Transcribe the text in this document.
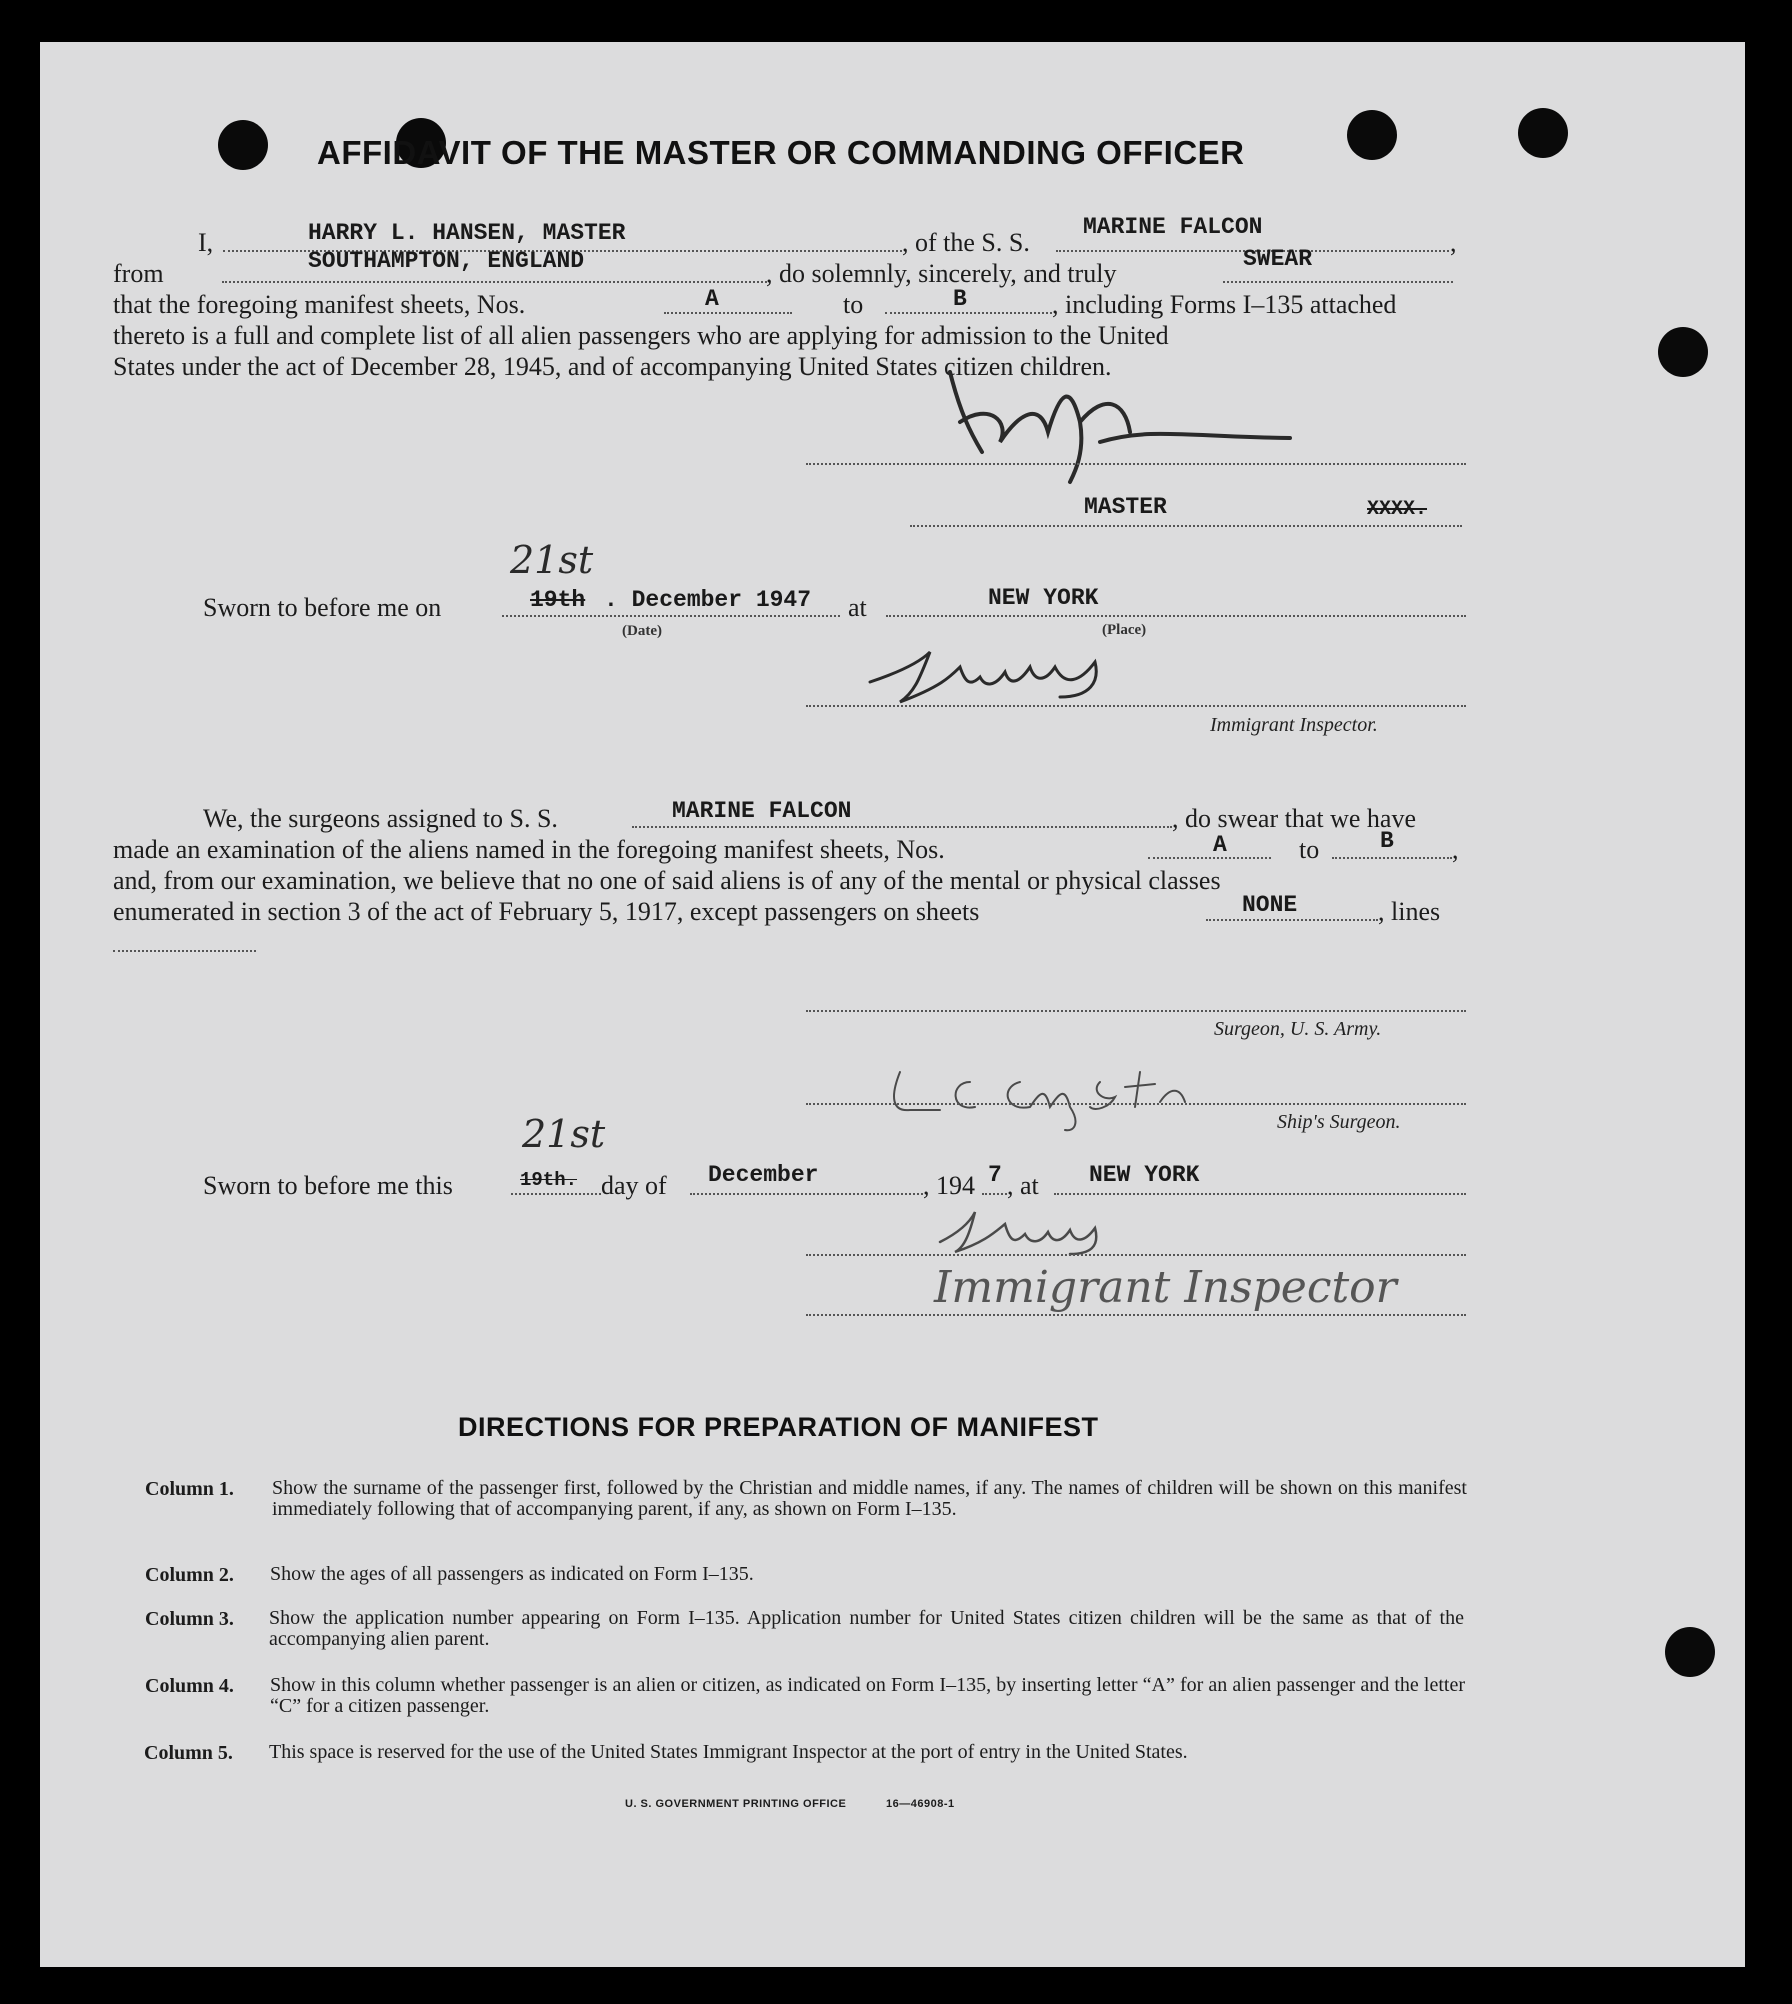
AFFIDAVIT OF THE MASTER OR COMMANDING OFFICER
I,	HARRY L. HANSEN, MASTER	, of the S. S.
MARINE FALCON
,
from	SOUTHAMPTON, ENGLAND	, do solemnly, sincerely, and truly	SWEAR
that the foregoing manifest sheets, Nos.	A	to	B	, including Forms I–135 attached
thereto is a full and complete list of all alien passengers who are applying for admission to the United
States under the act of December 28, 1945, and of accompanying United States citizen children.
MASTER	XXXX.
Sworn to before me on
21st
19th . December 1947 at	NEW YORK
(Date)	(Place)
Immigrant Inspector.
We, the surgeons assigned to S. S.	MARINE FALCON	, do swear that we have
made an examination of the aliens named in the foregoing manifest sheets, Nos.	A	to	B ,
and, from our examination, we believe that no one of said aliens is of any of the mental or physical classes
enumerated in section 3 of the act of February 5, 1917, except passengers on sheets	NONE	, lines
Surgeon, U. S. Army.
Ship's Surgeon.
Sworn to before me this
21st
19th. day of December	, 194 7 , at NEW YORK
Immigrant Inspector
DIRECTIONS FOR PREPARATION OF MANIFEST
Column 1. Show the surname of the passenger first, followed by the Christian and middle names, if any. The names of children will be shown on this manifest immediately following that of accompanying parent, if any, as shown on Form I–135.
Column 2. Show the ages of all passengers as indicated on Form I–135.
Column 3. Show the application number appearing on Form I–135. Application number for United States citizen children will be the same as that of the accompanying alien parent.
Column 4. Show in this column whether passenger is an alien or citizen, as indicated on Form I–135, by inserting letter “A” for an alien passenger and the letter “C” for a citizen passenger.
Column 5. This space is reserved for the use of the United States Immigrant Inspector at the port of entry in the United States.
U. S. GOVERNMENT PRINTING OFFICE	16—46908-1
